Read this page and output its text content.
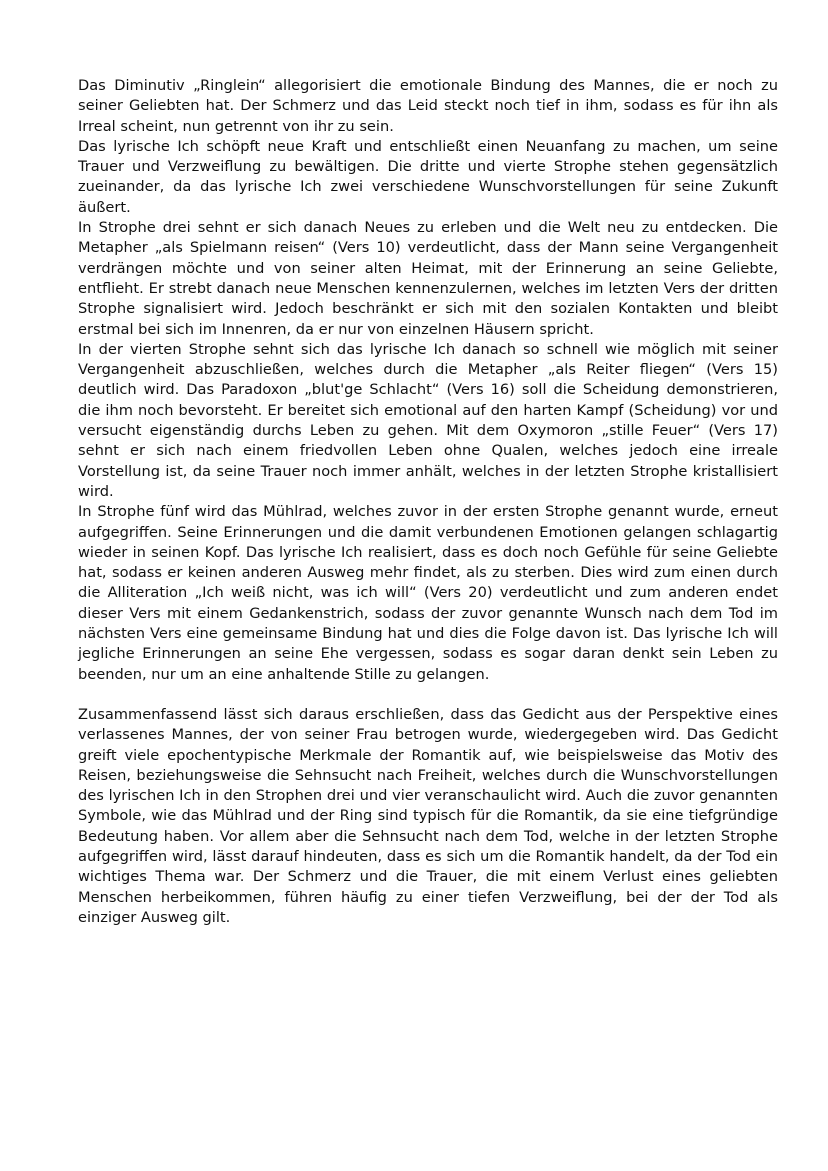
Das Diminutiv „Ringlein“ allegorisiert die emotionale Bindung des Mannes, die er noch zu seiner Geliebten hat. Der Schmerz und das Leid steckt noch tief in ihm, sodass es für ihn als Irreal scheint, nun getrennt von ihr zu sein.

Das lyrische Ich schöpft neue Kraft und entschließt einen Neuanfang zu machen, um seine Trauer und Verzweiflung zu bewältigen. Die dritte und vierte Strophe stehen gegensätzlich zueinander, da das lyrische Ich zwei verschiedene Wunschvorstellungen für seine Zukunft äußert.

In Strophe drei sehnt er sich danach Neues zu erleben und die Welt neu zu entdecken. Die Metapher „als Spielmann reisen“ (Vers 10) verdeutlicht, dass der Mann seine Vergangenheit verdrängen möchte und von seiner alten Heimat, mit der Erinnerung an seine Geliebte, entflieht. Er strebt danach neue Menschen kennenzulernen, welches im letzten Vers der dritten Strophe signalisiert wird. Jedoch beschränkt er sich mit den sozialen Kontakten und bleibt erstmal bei sich im Innenren, da er nur von einzelnen Häusern spricht.

In der vierten Strophe sehnt sich das lyrische Ich danach so schnell wie möglich mit seiner Vergangenheit abzuschließen, welches durch die Metapher „als Reiter fliegen“ (Vers 15) deutlich wird. Das Paradoxon „blut'ge Schlacht“ (Vers 16) soll die Scheidung demonstrieren, die ihm noch bevorsteht. Er bereitet sich emotional auf den harten Kampf (Scheidung) vor und versucht eigenständig durchs Leben zu gehen. Mit dem Oxymoron „stille Feuer“ (Vers 17) sehnt er sich nach einem friedvollen Leben ohne Qualen, welches jedoch eine irreale Vorstellung ist, da seine Trauer noch immer anhält, welches in der letzten Strophe kristallisiert wird.

In Strophe fünf wird das Mühlrad, welches zuvor in der ersten Strophe genannt wurde, erneut aufgegriffen. Seine Erinnerungen und die damit verbundenen Emotionen gelangen schlagartig wieder in seinen Kopf. Das lyrische Ich realisiert, dass es doch noch Gefühle für seine Geliebte hat, sodass er keinen anderen Ausweg mehr findet, als zu sterben. Dies wird zum einen durch die Alliteration „Ich weiß nicht, was ich will“ (Vers 20) verdeutlicht und zum anderen endet dieser Vers mit einem Gedankenstrich, sodass der zuvor genannte Wunsch nach dem Tod im nächsten Vers eine gemeinsame Bindung hat und dies die Folge davon ist. Das lyrische Ich will jegliche Erinnerungen an seine Ehe vergessen, sodass es sogar daran denkt sein Leben zu beenden, nur um an eine anhaltende Stille zu gelangen.

Zusammenfassend lässt sich daraus erschließen, dass das Gedicht aus der Perspektive eines verlassenes Mannes, der von seiner Frau betrogen wurde, wiedergegeben wird. Das Gedicht greift viele epochentypische Merkmale der Romantik auf, wie beispielsweise das Motiv des Reisen, beziehungsweise die Sehnsucht nach Freiheit, welches durch die Wunschvorstellungen des lyrischen Ich in den Strophen drei und vier veranschaulicht wird. Auch die zuvor genannten Symbole, wie das Mühlrad und der Ring sind typisch für die Romantik, da sie eine tiefgründige Bedeutung haben. Vor allem aber die Sehnsucht nach dem Tod, welche in der letzten Strophe aufgegriffen wird, lässt darauf hindeuten, dass es sich um die Romantik handelt, da der Tod ein wichtiges Thema war. Der Schmerz und die Trauer, die mit einem Verlust eines geliebten Menschen herbeikommen, führen häufig zu einer tiefen Verzweiflung, bei der der Tod als einziger Ausweg gilt.
